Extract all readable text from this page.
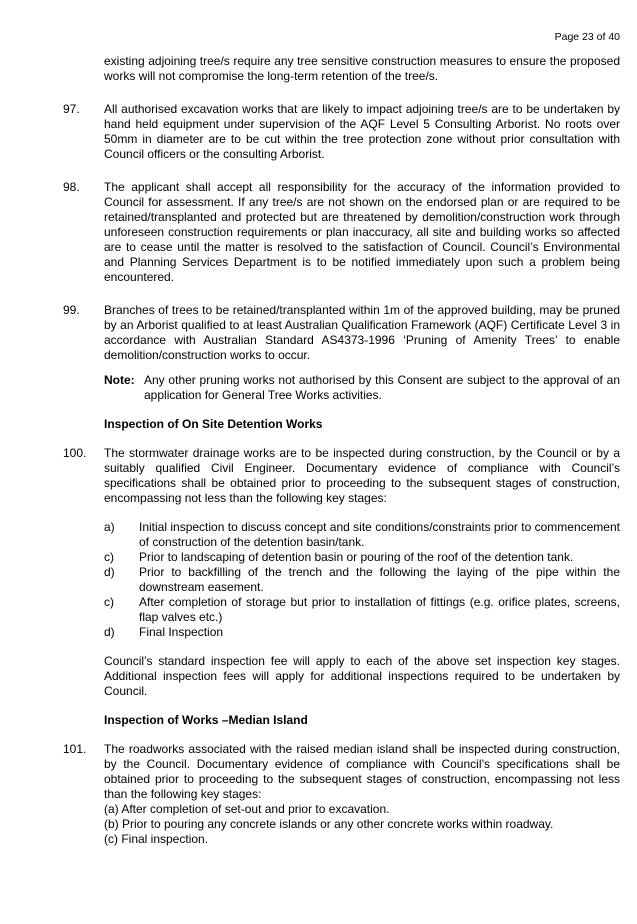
Page 23 of 40
existing adjoining tree/s require any tree sensitive construction measures to ensure the proposed works will not compromise the long-term retention of the tree/s.
97.	All authorised excavation works that are likely to impact adjoining tree/s are to be undertaken by hand held equipment under supervision of the AQF Level 5 Consulting Arborist. No roots over 50mm in diameter are to be cut within the tree protection zone without prior consultation with Council officers or the consulting Arborist.
98.	The applicant shall accept all responsibility for the accuracy of the information provided to Council for assessment. If any tree/s are not shown on the endorsed plan or are required to be retained/transplanted and protected but are threatened by demolition/construction work through unforeseen construction requirements or plan inaccuracy, all site and building works so affected are to cease until the matter is resolved to the satisfaction of Council. Council’s Environmental and Planning Services Department is to be notified immediately upon such a problem being encountered.
99.	Branches of trees to be retained/transplanted within 1m of the approved building, may be pruned by an Arborist qualified to at least Australian Qualification Framework (AQF) Certificate Level 3 in accordance with Australian Standard AS4373-1996 ‘Pruning of Amenity Trees’ to enable demolition/construction works to occur.
Note: Any other pruning works not authorised by this Consent are subject to the approval of an application for General Tree Works activities.
Inspection of On Site Detention Works
100.	The stormwater drainage works are to be inspected during construction, by the Council or by a suitably qualified Civil Engineer. Documentary evidence of compliance with Council’s specifications shall be obtained prior to proceeding to the subsequent stages of construction, encompassing not less than the following key stages:
a)	Initial inspection to discuss concept and site conditions/constraints prior to commencement of construction of the detention basin/tank.
c)	Prior to landscaping of detention basin or pouring of the roof of the detention tank.
d)	Prior to backfilling of the trench and the following the laying of the pipe within the downstream easement.
c)	After completion of storage but prior to installation of fittings (e.g. orifice plates, screens, flap valves etc.)
d)	Final Inspection
Council’s standard inspection fee will apply to each of the above set inspection key stages. Additional inspection fees will apply for additional inspections required to be undertaken by Council.
Inspection of Works –Median Island
101.	The roadworks associated with the raised median island shall be inspected during construction, by the Council. Documentary evidence of compliance with Council’s specifications shall be obtained prior to proceeding to the subsequent stages of construction, encompassing not less than the following key stages:
(a) After completion of set-out and prior to excavation.
(b) Prior to pouring any concrete islands or any other concrete works within roadway.
(c) Final inspection.
